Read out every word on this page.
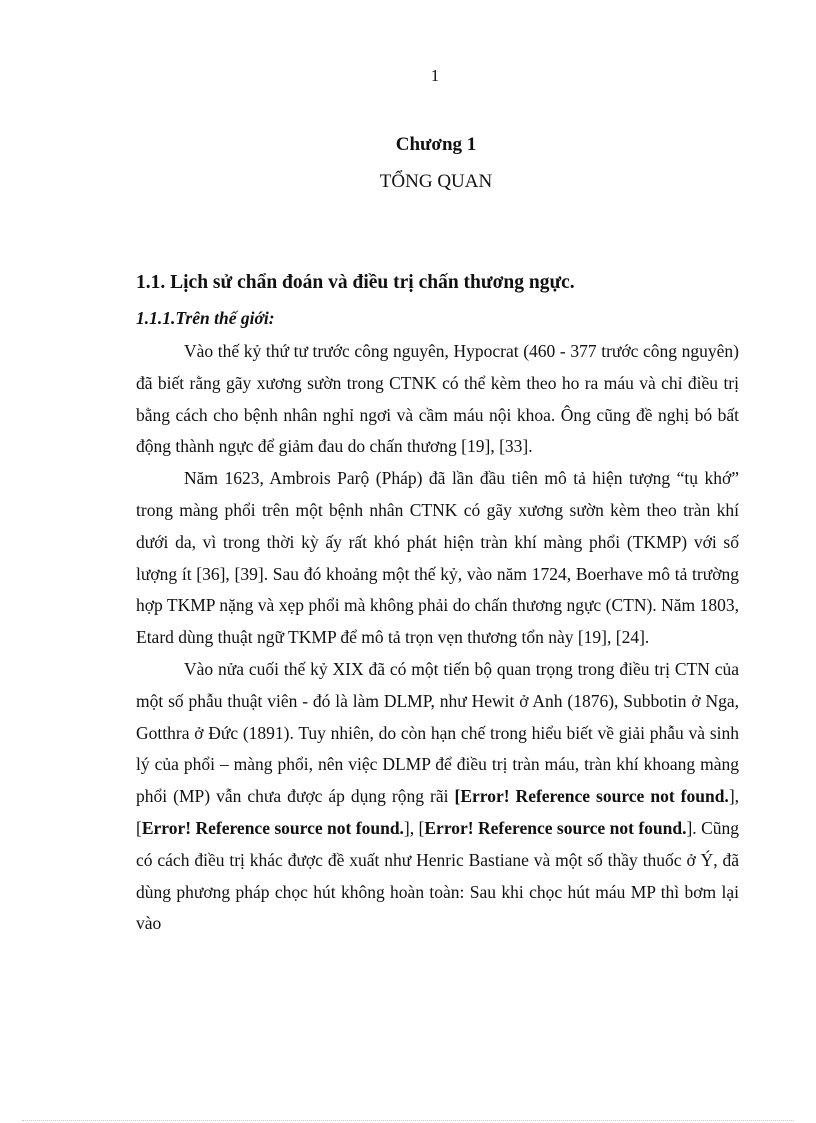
1
Chương 1
TỔNG QUAN
1.1. Lịch sử chẩn đoán và điều trị chấn thương ngực.
1.1.1.Trên thế giới:

Vào thế kỷ thứ tư trước công nguyên, Hypocrat (460 - 377 trước công nguyên) đã biết rằng gãy xương sườn trong CTNK có thể kèm theo ho ra máu và chỉ điều trị bằng cách cho bệnh nhân nghỉ ngơi và cầm máu nội khoa. Ông cũng đề nghị bó bất động thành ngực để giảm đau do chấn thương [19], [33].

Năm 1623, Ambrois Parộ (Pháp) đã lần đầu tiên mô tả hiện tượng “tụ khớ” trong màng phổi trên một bệnh nhân CTNK có gãy xương sườn kèm theo tràn khí dưới da, vì trong thời kỳ ấy rất khó phát hiện tràn khí màng phổi (TKMP) với số lượng ít [36], [39]. Sau đó khoảng một thế kỷ, vào năm 1724, Boerhave mô tả trường hợp TKMP nặng và xẹp phổi mà không phải do chấn thương ngực (CTN). Năm 1803, Etard dùng thuật ngữ TKMP để mô tả trọn vẹn thương tổn này [19], [24].

Vào nửa cuối thế kỷ XIX đã có một tiến bộ quan trọng trong điều trị CTN của một số phẫu thuật viên - đó là làm DLMP, như Hewit ở Anh (1876), Subbotin ở Nga, Gotthra ở Đức (1891). Tuy nhiên, do còn hạn chế trong hiểu biết về giải phẫu và sinh lý của phổi – màng phổi, nên việc DLMP để điều trị tràn máu, tràn khí khoang màng phổi (MP) vẫn chưa được áp dụng rộng rãi [Error! Reference source not found.], [Error! Reference source not found.], [Error! Reference source not found.]. Cũng có cách điều trị khác được đề xuất như Henric Bastiane và một số thầy thuốc ở Ý, đã dùng phương pháp chọc hút không hoàn toàn: Sau khi chọc hút máu MP thì bơm lại vào
